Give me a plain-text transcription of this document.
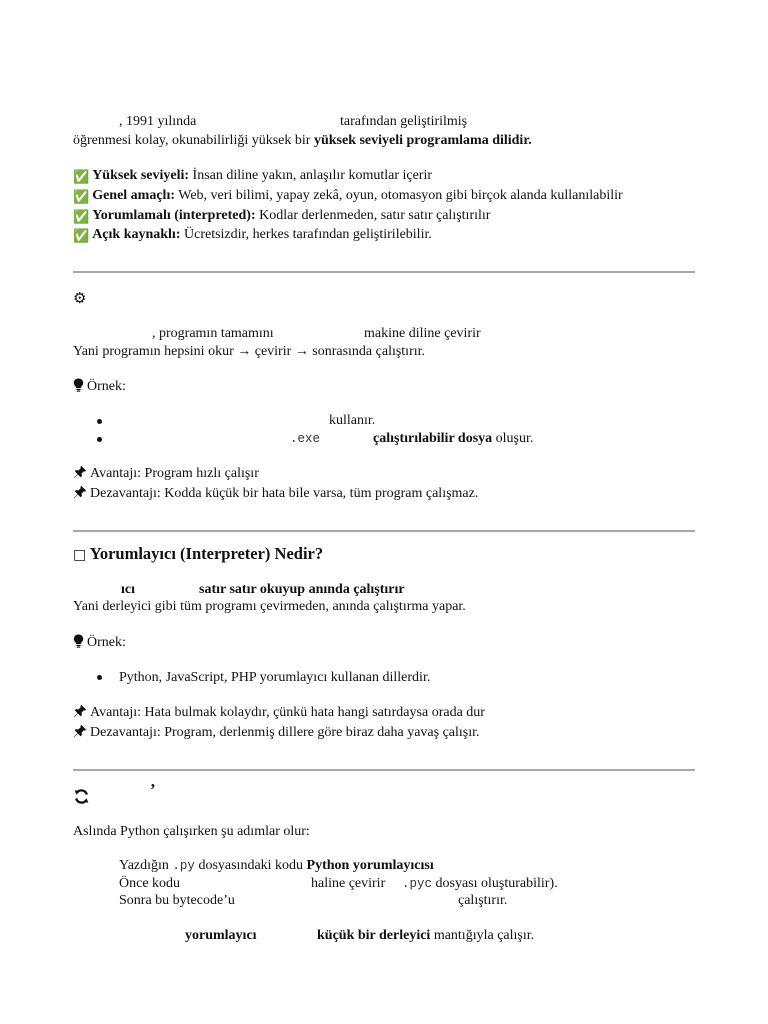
, 1991 yılında	tarafından geliştirilmiş
öğrenmesi kolay, okunabilirliği yüksek bir yüksek seviyeli programlama dilidir.
✅ Yüksek seviyeli: İnsan diline yakın, anlaşılır komutlar içerir
✅ Genel amaçlı: Web, veri bilimi, yapay zekâ, oyun, otomasyon gibi birçok alanda kullanılabilir
✅ Yorumlamalı (interpreted): Kodlar derlenmeden, satır satır çalıştırılır
✅ Açık kaynaklı: Ücretsizdir, herkes tarafından geliştirilebilir.
⚙
, programın tamamını	makine diline çevirir
Yani programın hepsini okur → çevirir → sonrasında çalıştırır.
Örnek:
kullanır.
.exe	çalıştırılabilir dosya oluşur.
Avantajı: Program hızlı çalışır
Dezavantajı: Kodda küçük bir hata bile varsa, tüm program çalışmaz.
□ Yorumlayıcı (Interpreter) Nedir?
ıcı	satır satır okuyup anında çalıştırır
Yani derleyici gibi tüm programı çevirmeden, anında çalıştırma yapar.
Örnek:
Python, JavaScript, PHP yorumlayıcı kullanan dillerdir.
Avantajı: Hata bulmak kolaydır, çünkü hata hangi satırdaysa orada dur
Dezavantajı: Program, derlenmiş dillere göre biraz daha yavaş çalışır.
’
Aslında Python çalışırken şu adımlar olur:
Yazdığın .py dosyasındaki kodu Python yorumlayıcısı
Önce kodu	haline çevirir .pyc dosyası oluşturabilir).
Sonra bu bytecode’u	çalıştırır.
yorumlayıcı	küçük bir derleyici mantığıyla çalışır.
